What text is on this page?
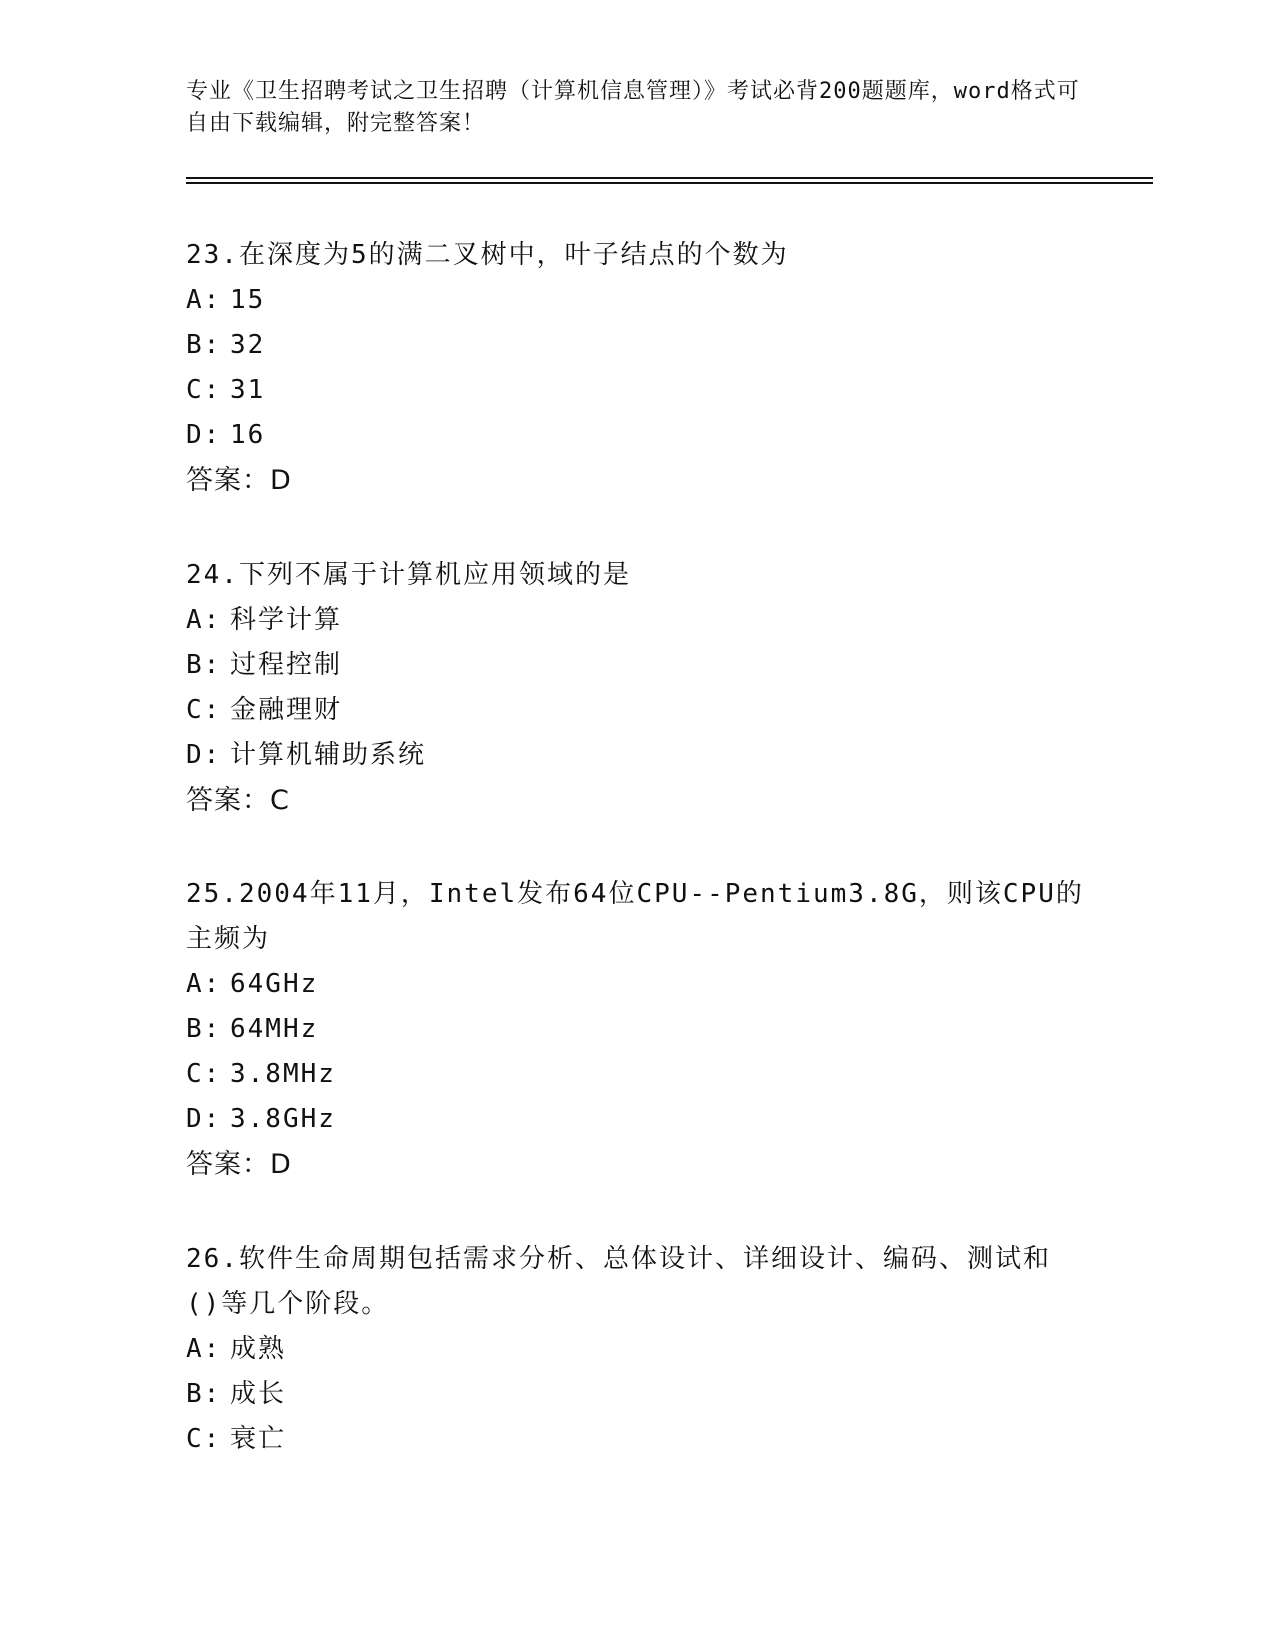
专业《卫生招聘考试之卫生招聘（计算机信息管理）》考试必背200题题库，word格式可自由下载编辑，附完整答案！
23.在深度为5的满二叉树中，叶子结点的个数为
A: 15
B: 32
C: 31
D: 16
答案：D
24.下列不属于计算机应用领域的是
A: 科学计算
B: 过程控制
C: 金融理财
D: 计算机辅助系统
答案：C
25.2004年11月，Intel发布64位CPU--Pentium3.8G，则该CPU的主频为
A: 64GHz
B: 64MHz
C: 3.8MHz
D: 3.8GHz
答案：D
26.软件生命周期包括需求分析、总体设计、详细设计、编码、测试和()等几个阶段。
A: 成熟
B: 成长
C: 衰亡
